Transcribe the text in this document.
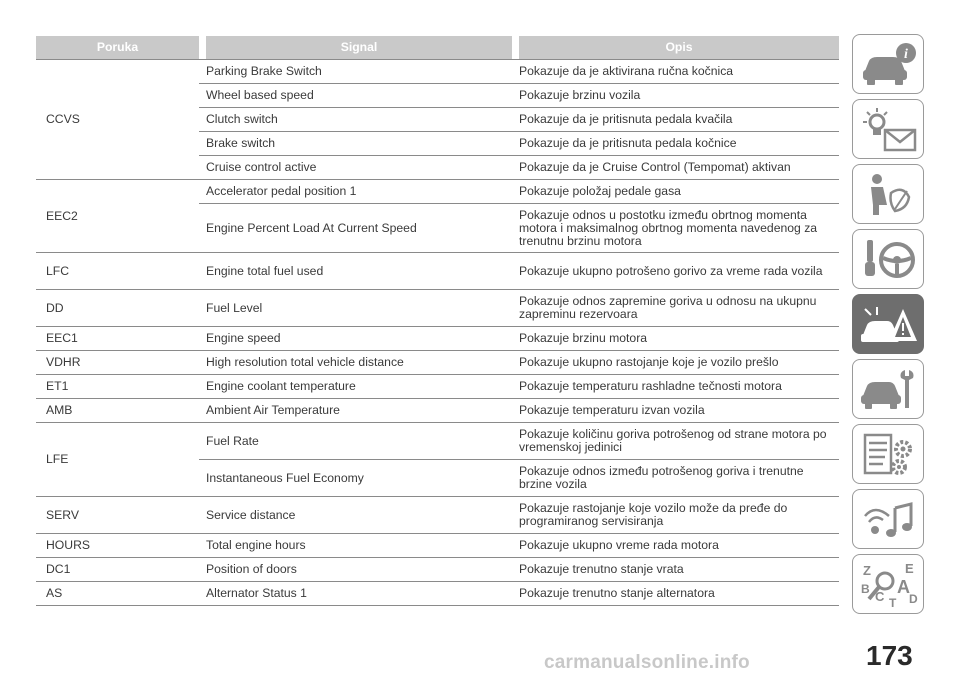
Poruka		Signal		Opis
CCVS		Parking Brake Switch		Pokazuje da je aktivirana ručna kočnica
		Wheel based speed		Pokazuje brzinu vozila
		Clutch switch		Pokazuje da je pritisnuta pedala kvačila
		Brake switch		Pokazuje da je pritisnuta pedala kočnice
		Cruise control active		Pokazuje da je Cruise Control (Tempomat) aktivan
EEC2		Accelerator pedal position 1		Pokazuje položaj pedale gasa
		Engine Percent Load At Current Speed		Pokazuje odnos u postotku između obrtnog momenta motora i maksimalnog obrtnog momenta navedenog za trenutnu brzinu motora
LFC		Engine total fuel used		Pokazuje ukupno potrošeno gorivo za vreme rada vozila
DD		Fuel Level		Pokazuje odnos zapremine goriva u odnosu na ukupnu zapreminu rezervoara
EEC1		Engine speed		Pokazuje brzinu motora
VDHR		High resolution total vehicle distance		Pokazuje ukupno rastojanje koje je vozilo prešlo
ET1		Engine coolant temperature		Pokazuje temperaturu rashladne tečnosti motora
AMB		Ambient Air Temperature		Pokazuje temperaturu izvan vozila
LFE		Fuel Rate		Pokazuje količinu goriva potrošenog od strane motora po vremenskoj jedinici
		Instantaneous Fuel Economy		Pokazuje odnos između potrošenog goriva i trenutne brzine vozila
SERV		Service distance		Pokazuje rastojanje koje vozilo može da pređe do programiranog servisiranja
HOURS		Total engine hours		Pokazuje ukupno vreme rada motora
DC1		Position of doors		Pokazuje trenutno stanje vrata
AS		Alternator Status 1		Pokazuje trenutno stanje alternatora
i
Z	E
B A
C T D
173
carmanualsonline.info
